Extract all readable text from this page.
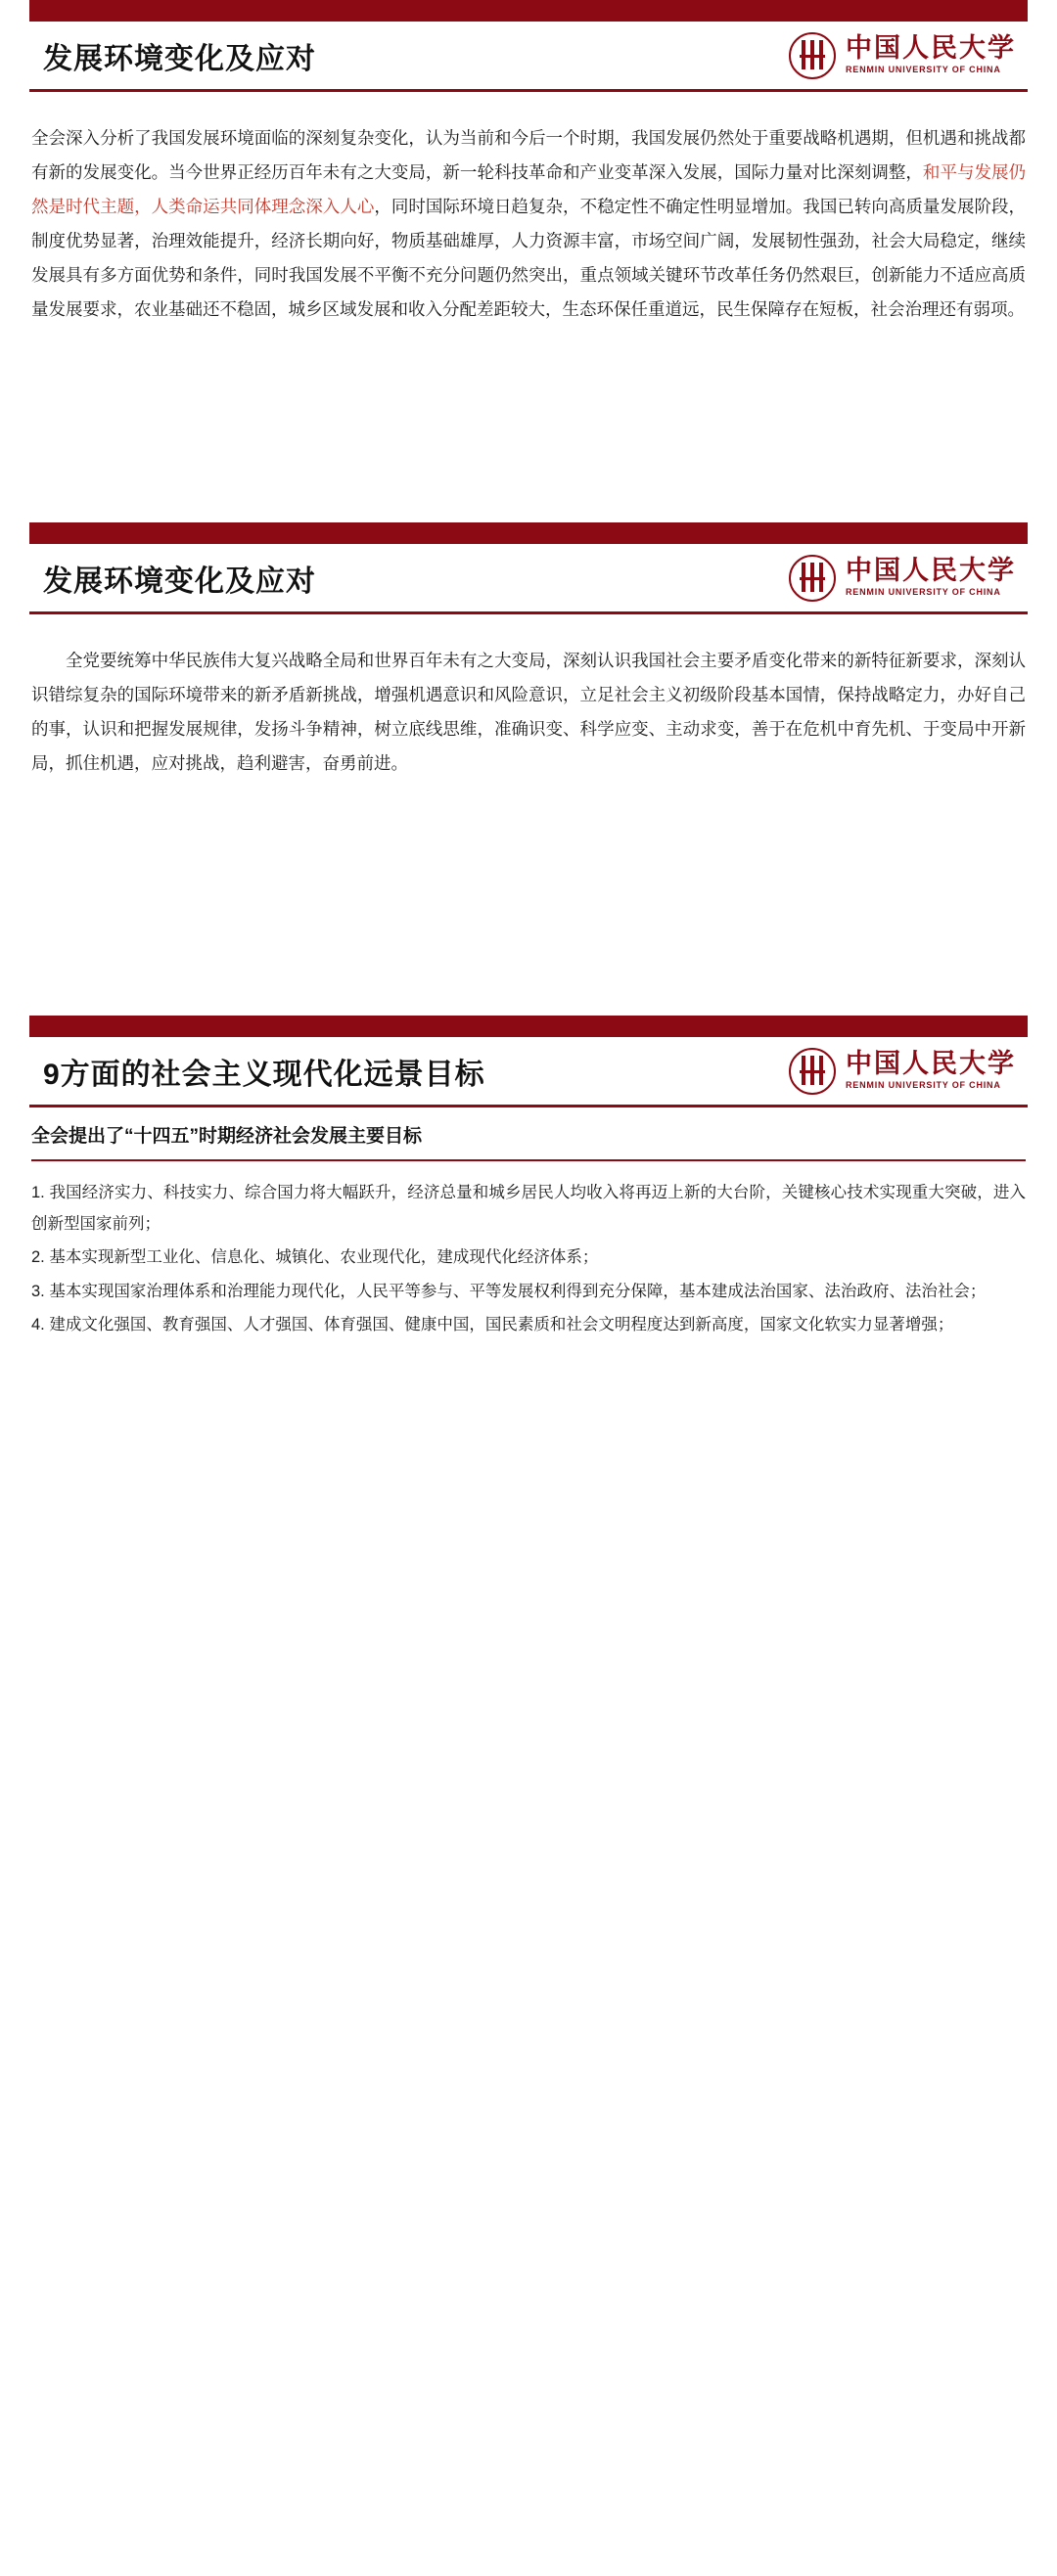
发展环境变化及应对	中国人民大学
RENMIN UNIVERSITY OF CHINA

全会深入分析了我国发展环境面临的深刻复杂变化，认为当前和今后一个时期，我国发展仍然处于重要战略机遇期，但机遇和挑战都有新的发展变化。当今世界正经历百年未有之大变局，新一轮科技革命和产业变革深入发展，国际力量对比深刻调整，和平与发展仍然是时代主题，人类命运共同体理念深入人心，同时国际环境日趋复杂，不稳定性不确定性明显增加。我国已转向高质量发展阶段，制度优势显著，治理效能提升，经济长期向好，物质基础雄厚，人力资源丰富，市场空间广阔，发展韧性强劲，社会大局稳定，继续发展具有多方面优势和条件，同时我国发展不平衡不充分问题仍然突出，重点领域关键环节改革任务仍然艰巨，创新能力不适应高质量发展要求，农业基础还不稳固，城乡区域发展和收入分配差距较大，生态环保任重道远，民生保障存在短板，社会治理还有弱项。

发展环境变化及应对	中国人民大学
RENMIN UNIVERSITY OF CHINA

全党要统筹中华民族伟大复兴战略全局和世界百年未有之大变局，深刻认识我国社会主要矛盾变化带来的新特征新要求，深刻认识错综复杂的国际环境带来的新矛盾新挑战，增强机遇意识和风险意识，立足社会主义初级阶段基本国情，保持战略定力，办好自己的事，认识和把握发展规律，发扬斗争精神，树立底线思维，准确识变、科学应变、主动求变，善于在危机中育先机、于变局中开新局，抓住机遇，应对挑战，趋利避害，奋勇前进。

9方面的社会主义现代化远景目标	中国人民大学
RENMIN UNIVERSITY OF CHINA
全会提出了“十四五”时期经济社会发展主要目标
1. 我国经济实力、科技实力、综合国力将大幅跃升，经济总量和城乡居民人均收入将再迈上新的大台阶，关键核心技术实现重大突破，进入创新型国家前列；
2. 基本实现新型工业化、信息化、城镇化、农业现代化，建成现代化经济体系；
3. 基本实现国家治理体系和治理能力现代化，人民平等参与、平等发展权利得到充分保障，基本建成法治国家、法治政府、法治社会；
4. 建成文化强国、教育强国、人才强国、体育强国、健康中国，国民素质和社会文明程度达到新高度，国家文化软实力显著增强；
